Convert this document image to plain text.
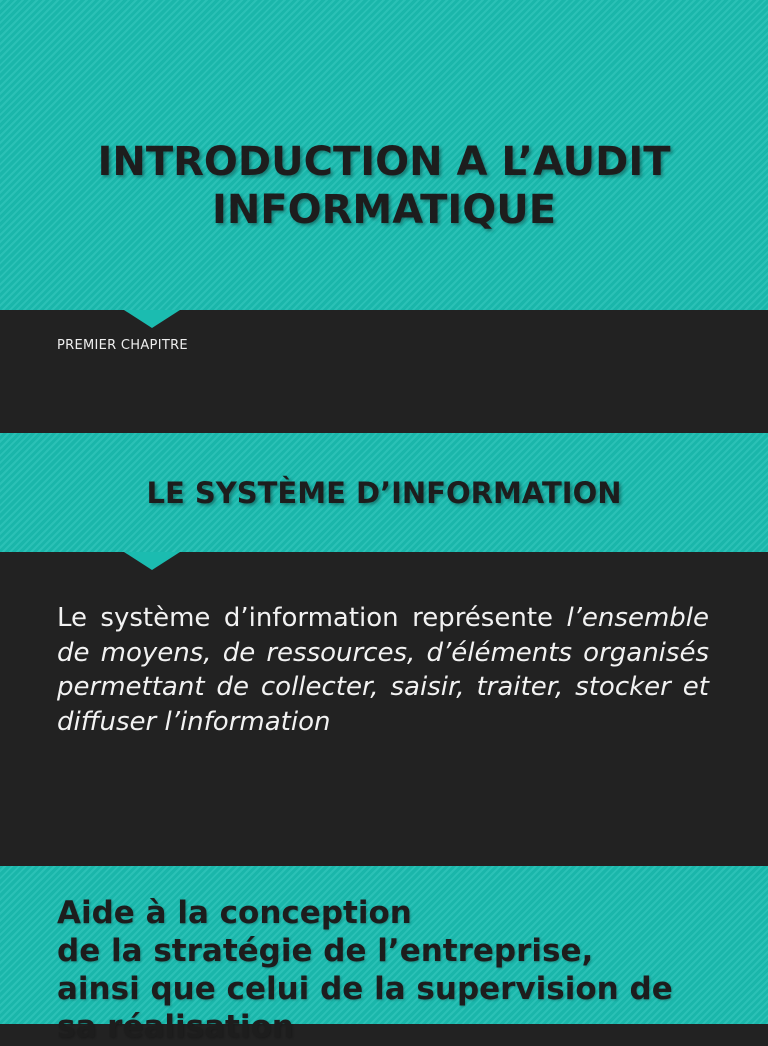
INTRODUCTION A L’AUDIT
INFORMATIQUE
PREMIER CHAPITRE
LE SYSTÈME D’INFORMATION

Le système d’information représente l’ensemble de moyens, de ressources, d’éléments organisés permettant de collecter, saisir, traiter, stocker et diffuser l’information

Aide à la conception
de la stratégie de l’entreprise,
ainsi que celui de la supervision de
sa réalisation
